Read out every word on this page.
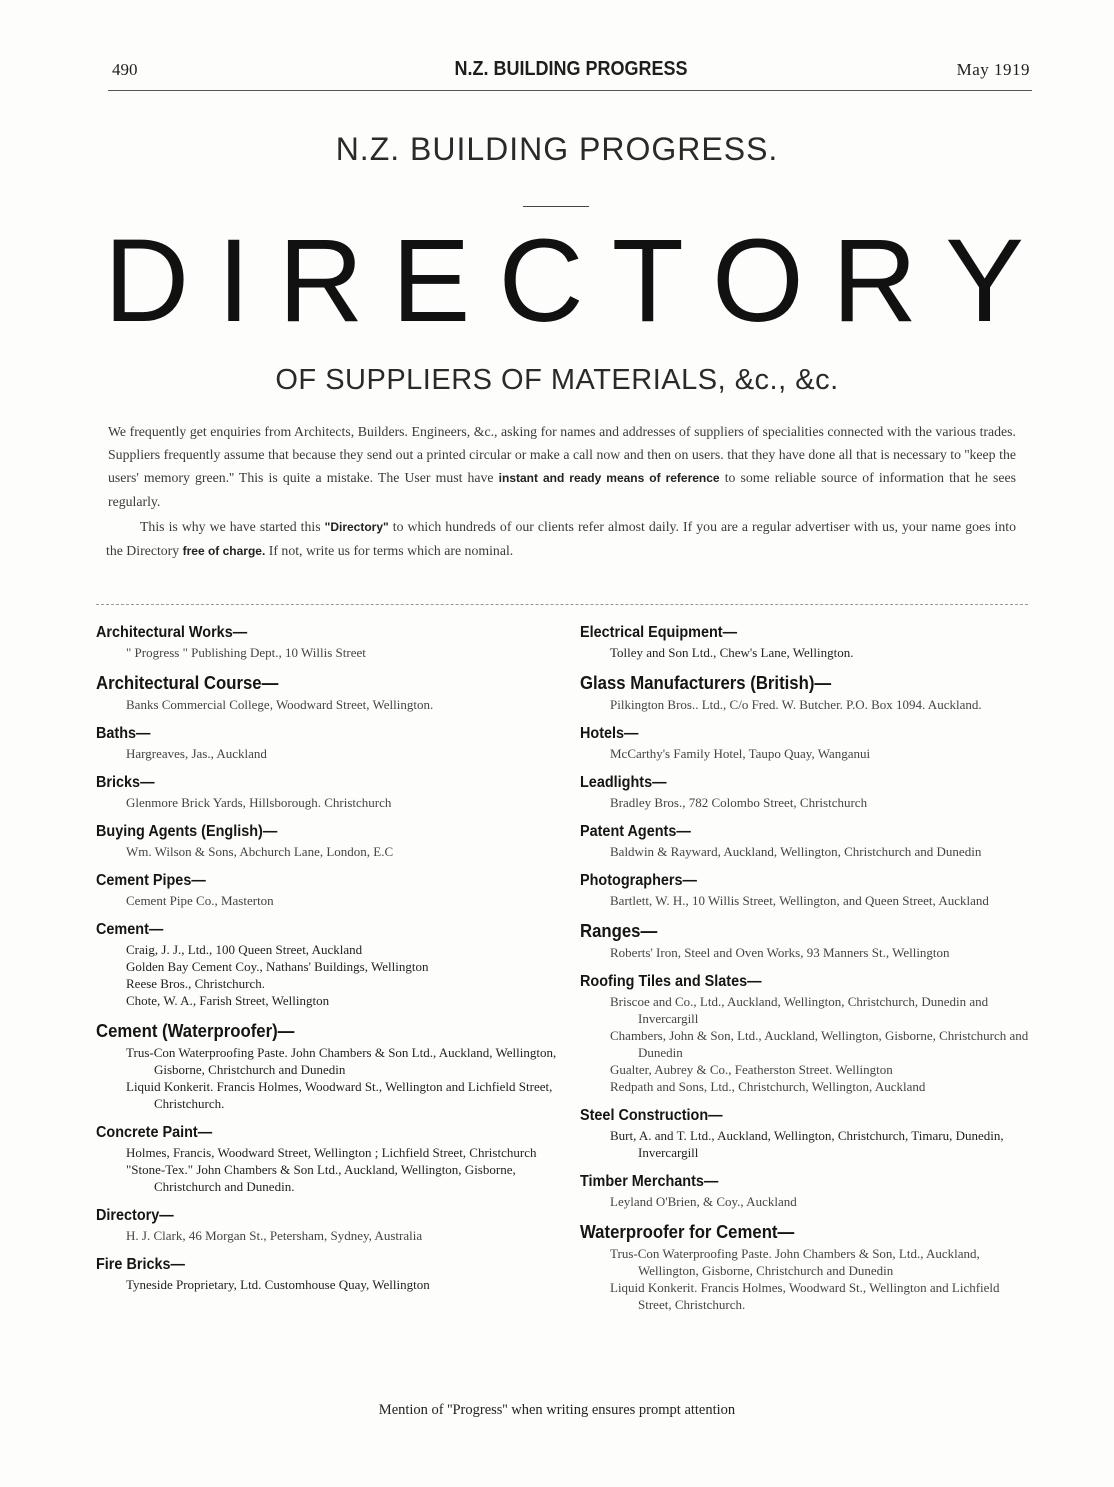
490	N.Z. BUILDING PROGRESS	May 1919
N.Z. BUILDING PROGRESS.
D I R E C T O R Y
OF SUPPLIERS OF MATERIALS, &c., &c.

We frequently get enquiries from Architects, Builders. Engineers, &c., asking for names and addresses of suppliers of specialities connected with the various trades. Suppliers frequently assume that because they send out a printed circular or make a call now and then on users. that they have done all that is necessary to ''keep the users' memory green.'' This is quite a mistake. The User must have instant and ready means of reference to some reliable source of information that he sees regularly.

This is why we have started this "Directory" to which hundreds of our clients refer almost daily. If you are a regular advertiser with us, your name goes into the Directory free of charge. If not, write us for terms which are nominal.

Architectural Works—
" Progress " Publishing Dept., 10 Willis Street
Architectural Course—
Banks Commercial College, Woodward Street, Wellington.
Baths—
Hargreaves, Jas., Auckland
Bricks—
Glenmore Brick Yards, Hillsborough. Christchurch
Buying Agents (English)—
Wm. Wilson & Sons, Abchurch Lane, London, E.C
Cement Pipes—
Cement Pipe Co., Masterton
Cement—
Craig, J. J., Ltd., 100 Queen Street, Auckland
Golden Bay Cement Coy., Nathans' Buildings, Wellington
Reese Bros., Christchurch.
Chote, W. A., Farish Street, Wellington
Cement (Waterproofer)—
Trus-Con Waterproofing Paste. John Chambers & Son Ltd., Auckland, Wellington, Gisborne, Christchurch and Dunedin
Liquid Konkerit. Francis Holmes, Woodward St., Wellington and Lichfield Street, Christchurch.
Concrete Paint—
Holmes, Francis, Woodward Street, Wellington ; Lichfield Street, Christchurch
"Stone-Tex." John Chambers & Son Ltd., Auckland, Wellington, Gisborne, Christchurch and Dunedin.
Directory—
H. J. Clark, 46 Morgan St., Petersham, Sydney, Australia
Fire Bricks—
Tyneside Proprietary, Ltd. Customhouse Quay, Wellington
Electrical Equipment—
Tolley and Son Ltd., Chew's Lane, Wellington.
Glass Manufacturers (British)—
Pilkington Bros.. Ltd., C/o Fred. W. Butcher. P.O. Box 1094. Auckland.
Hotels—
McCarthy's Family Hotel, Taupo Quay, Wanganui
Leadlights—
Bradley Bros., 782 Colombo Street, Christchurch
Patent Agents—
Baldwin & Rayward, Auckland, Wellington, Christchurch and Dunedin
Photographers—
Bartlett, W. H., 10 Willis Street, Wellington, and Queen Street, Auckland
Ranges—
Roberts' Iron, Steel and Oven Works, 93 Manners St., Wellington
Roofing Tiles and Slates—
Briscoe and Co., Ltd., Auckland, Wellington, Christchurch, Dunedin and Invercargill
Chambers, John & Son, Ltd., Auckland, Wellington, Gisborne, Christchurch and Dunedin
Gualter, Aubrey & Co., Featherston Street. Wellington
Redpath and Sons, Ltd., Christchurch, Wellington, Auckland
Steel Construction—
Burt, A. and T. Ltd., Auckland, Wellington, Christchurch, Timaru, Dunedin, Invercargill
Timber Merchants—
Leyland O'Brien, & Coy., Auckland
Waterproofer for Cement—
Trus-Con Waterproofing Paste. John Chambers & Son, Ltd., Auckland, Wellington, Gisborne, Christchurch and Dunedin
Liquid Konkerit. Francis Holmes, Woodward St., Wellington and Lichfield Street, Christchurch.
Mention of ''Progress'' when writing ensures prompt attention
